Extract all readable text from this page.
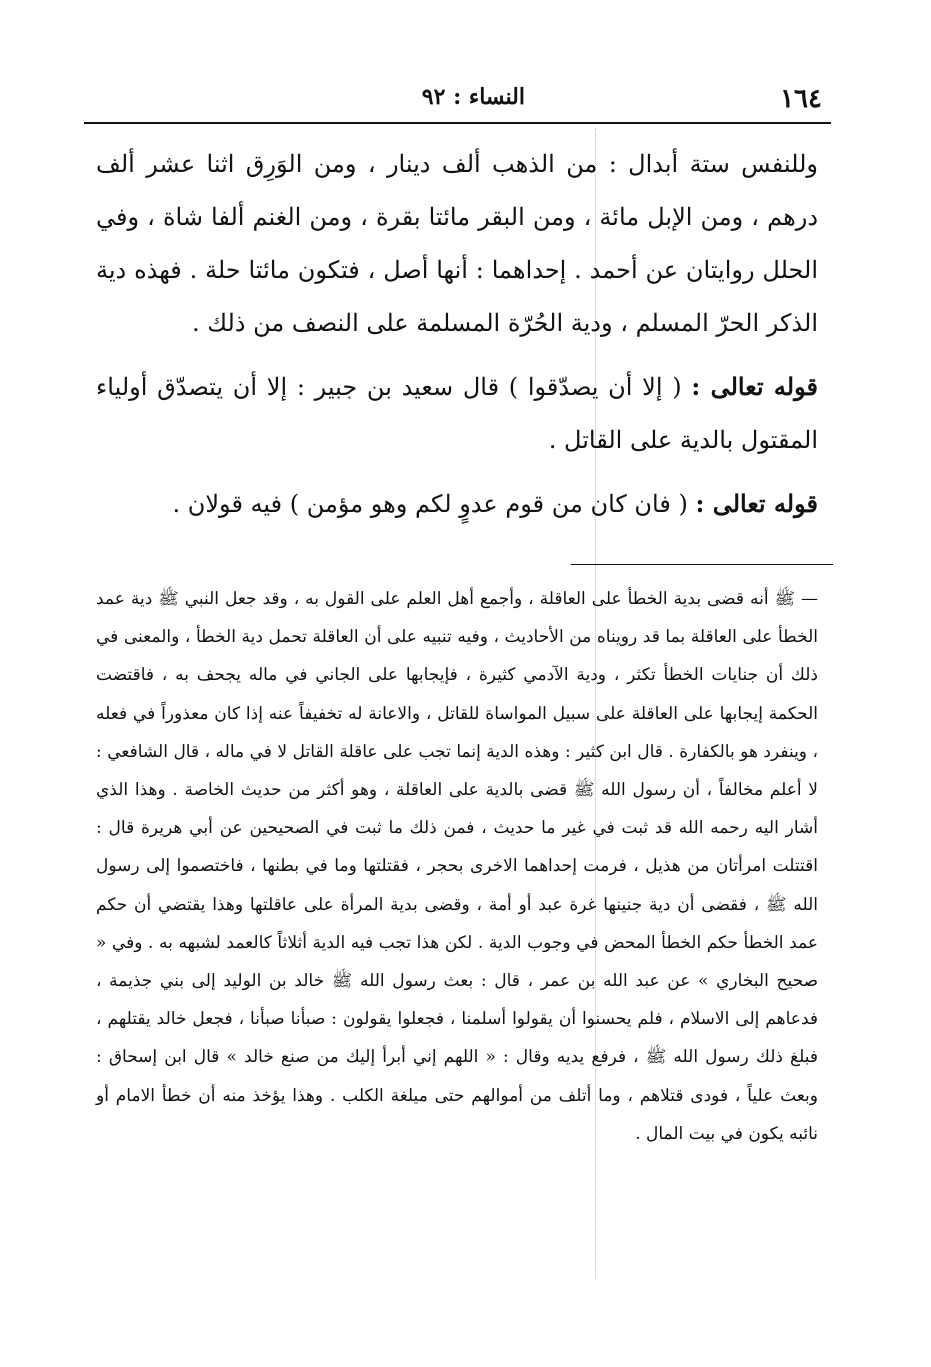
١٦٤
النساء : ٩٢

وللنفس ستة أبدال : من الذهب ألف دينار ، ومن الوَرِق اثنا عشر ألف درهم ، ومن الإبل مائة ، ومن البقر مائتا بقرة ، ومن الغنم ألفا شاة ، وفي الحلل روايتان عن أحمد . إحداهما : أنها أصل ، فتكون مائتا حلة . فهذه دية الذكر الحرّ المسلم ، ودية الحُرّة المسلمة على النصف من ذلك .

قوله تعالى : ( إلا أن يصدّقوا ) قال سعيد بن جبير : إلا أن يتصدّق أولياء المقتول بالدية على القاتل .

قوله تعالى : ( فان كان من قوم عدوٍ لكم وهو مؤمن ) فيه قولان .

— ﷺ أنه قضى بدية الخطأ على العاقلة ، وأجمع أهل العلم على القول به ، وقد جعل النبي ﷺ دية عمد الخطأ على العاقلة بما قد رويناه من الأحاديث ، وفيه تنبيه على أن العاقلة تحمل دية الخطأ ، والمعنى في ذلك أن جنايات الخطأ تكثر ، ودية الآدمي كثيرة ، فإيجابها على الجاني في ماله يجحف به ، فاقتضت الحكمة إيجابها على العاقلة على سبيل المواساة للقاتل ، والاعانة له تخفيفاً عنه إذا كان معذوراً في فعله ، وينفرد هو بالكفارة . قال ابن كثير : وهذه الدية إنما تجب على عاقلة القاتل لا في ماله ، قال الشافعي : لا أعلم مخالفاً ، أن رسول الله ﷺ قضى بالدية على العاقلة ، وهو أكثر من حديث الخاصة . وهذا الذي أشار اليه رحمه الله قد ثبت في غير ما حديث ، فمن ذلك ما ثبت في الصحيحين عن أبي هريرة قال : اقتتلت امرأتان من هذيل ، فرمت إحداهما الاخرى بحجر ، فقتلتها وما في بطنها ، فاختصموا إلى رسول الله ﷺ ، فقضى أن دية جنينها غرة عبد أو أمة ، وقضى بدية المرأة على عاقلتها وهذا يقتضي أن حكم عمد الخطأ حكم الخطأ المحض في وجوب الدية . لكن هذا تجب فيه الدية أثلاثاً كالعمد لشبهه به . وفي « صحيح البخاري » عن عبد الله بن عمر ، قال : بعث رسول الله ﷺ خالد بن الوليد إلى بني جذيمة ، فدعاهم إلى الاسلام ، فلم يحسنوا أن يقولوا أسلمنا ، فجعلوا يقولون : صبأنا صبأنا ، فجعل خالد يقتلهم ، فبلغ ذلك رسول الله ﷺ ، فرفع يديه وقال : « اللهم إني أبرأ إليك من صنع خالد » قال ابن إسحاق : وبعث علياً ، فودى قتلاهم ، وما أتلف من أموالهم حتى ميلغة الكلب . وهذا يؤخذ منه أن خطأ الامام أو نائبه يكون في بيت المال .
